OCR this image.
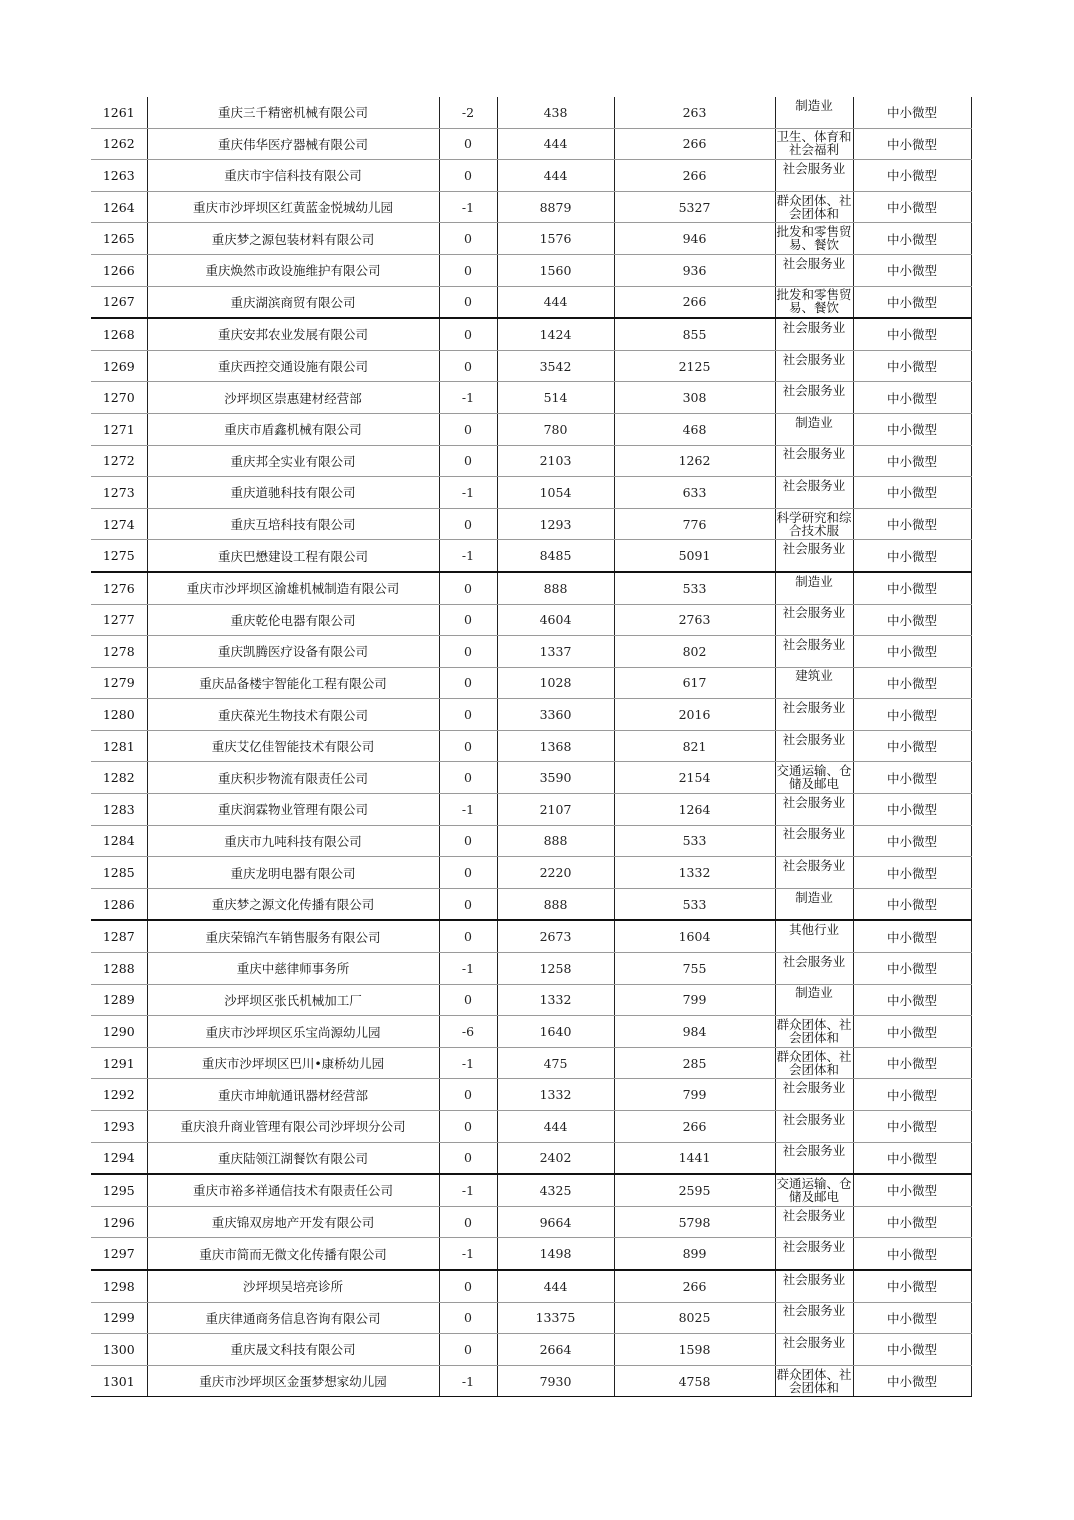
1261	重庆三千精密机械有限公司	-2	438	263	制造业	中小微型
1262	重庆伟华医疗器械有限公司	0	444	266	卫生、体育和社会福利	中小微型
1263	重庆市宇信科技有限公司	0	444	266	社会服务业	中小微型
1264	重庆市沙坪坝区红黄蓝金悦城幼儿园	-1	8879	5327	群众团体、社会团体和	中小微型
1265	重庆梦之源包装材料有限公司	0	1576	946	批发和零售贸易、餐饮	中小微型
1266	重庆焕然市政设施维护有限公司	0	1560	936	社会服务业	中小微型
1267	重庆湖滨商贸有限公司	0	444	266	批发和零售贸易、餐饮	中小微型
1268	重庆安邦农业发展有限公司	0	1424	855	社会服务业	中小微型
1269	重庆西控交通设施有限公司	0	3542	2125	社会服务业	中小微型
1270	沙坪坝区崇惠建材经营部	-1	514	308	社会服务业	中小微型
1271	重庆市盾鑫机械有限公司	0	780	468	制造业	中小微型
1272	重庆邦全实业有限公司	0	2103	1262	社会服务业	中小微型
1273	重庆道驰科技有限公司	-1	1054	633	社会服务业	中小微型
1274	重庆互培科技有限公司	0	1293	776	科学研究和综合技术服	中小微型
1275	重庆巴懋建设工程有限公司	-1	8485	5091	社会服务业	中小微型
1276	重庆市沙坪坝区渝雄机械制造有限公司	0	888	533	制造业	中小微型
1277	重庆乾伦电器有限公司	0	4604	2763	社会服务业	中小微型
1278	重庆凯腾医疗设备有限公司	0	1337	802	社会服务业	中小微型
1279	重庆品备楼宇智能化工程有限公司	0	1028	617	建筑业	中小微型
1280	重庆葆光生物技术有限公司	0	3360	2016	社会服务业	中小微型
1281	重庆艾亿佳智能技术有限公司	0	1368	821	社会服务业	中小微型
1282	重庆积步物流有限责任公司	0	3590	2154	交通运输、仓储及邮电	中小微型
1283	重庆润霖物业管理有限公司	-1	2107	1264	社会服务业	中小微型
1284	重庆市九吨科技有限公司	0	888	533	社会服务业	中小微型
1285	重庆龙明电器有限公司	0	2220	1332	社会服务业	中小微型
1286	重庆梦之源文化传播有限公司	0	888	533	制造业	中小微型
1287	重庆荣锦汽车销售服务有限公司	0	2673	1604	其他行业	中小微型
1288	重庆中慈律师事务所	-1	1258	755	社会服务业	中小微型
1289	沙坪坝区张氏机械加工厂	0	1332	799	制造业	中小微型
1290	重庆市沙坪坝区乐宝尚源幼儿园	-6	1640	984	群众团体、社会团体和	中小微型
1291	重庆市沙坪坝区巴川•康桥幼儿园	-1	475	285	群众团体、社会团体和	中小微型
1292	重庆市坤航通讯器材经营部	0	1332	799	社会服务业	中小微型
1293	重庆浪升商业管理有限公司沙坪坝分公司	0	444	266	社会服务业	中小微型
1294	重庆陆领江湖餐饮有限公司	0	2402	1441	社会服务业	中小微型
1295	重庆市裕多祥通信技术有限责任公司	-1	4325	2595	交通运输、仓储及邮电	中小微型
1296	重庆锦双房地产开发有限公司	0	9664	5798	社会服务业	中小微型
1297	重庆市简而无微文化传播有限公司	-1	1498	899	社会服务业	中小微型
1298	沙坪坝吴培亮诊所	0	444	266	社会服务业	中小微型
1299	重庆律通商务信息咨询有限公司	0	13375	8025	社会服务业	中小微型
1300	重庆晟文科技有限公司	0	2664	1598	社会服务业	中小微型
1301	重庆市沙坪坝区金蛋梦想家幼儿园	-1	7930	4758	群众团体、社会团体和	中小微型
